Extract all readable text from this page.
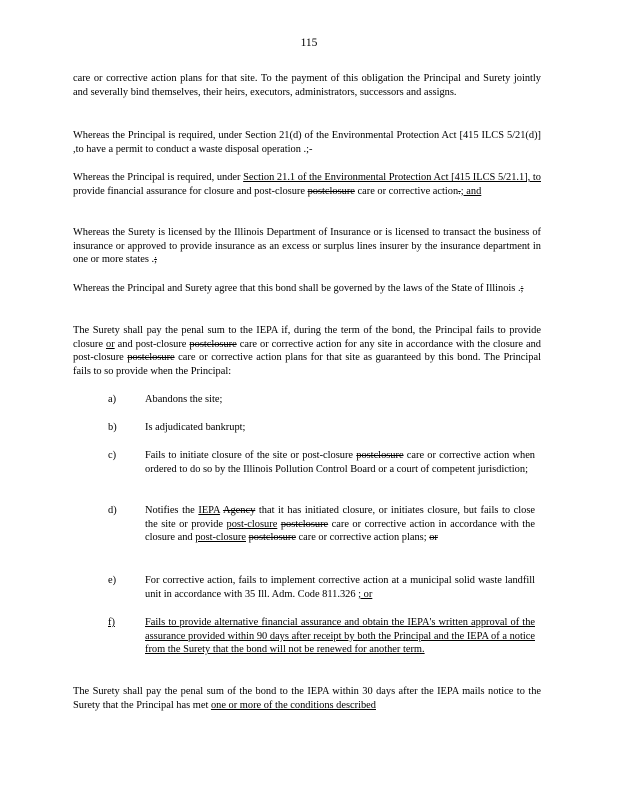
115
care or corrective action plans for that site. To the payment of this obligation the Principal and Surety jointly and severally bind themselves, their heirs, executors, administrators, successors and assigns.
Whereas the Principal is required, under Section 21(d) of the Environmental Protection Act [415 ILCS 5/21(d)] ,to have a permit to conduct a waste disposal operation .;-
Whereas the Principal is required, under Section 21.1 of the Environmental Protection Act [415 ILCS 5/21.1], to provide financial assurance for closure and post-closure postclosure care or corrective action.; and
Whereas the Surety is licensed by the Illinois Department of Insurance or is licensed to transact the business of insurance or approved to provide insurance as an excess or surplus lines insurer by the insurance department in one or more states .;
Whereas the Principal and Surety agree that this bond shall be governed by the laws of the State of Illinois .;
The Surety shall pay the penal sum to the IEPA if, during the term of the bond, the Principal fails to provide closure or and post-closure postclosure care or corrective action for any site in accordance with the closure and post-closure postclosure care or corrective action plans for that site as guaranteed by this bond. The Principal fails to so provide when the Principal:
a)	Abandons the site;
b)	Is adjudicated bankrupt;
c)	Fails to initiate closure of the site or post-closure postclosure care or corrective action when ordered to do so by the Illinois Pollution Control Board or a court of competent jurisdiction;
d)	Notifies the IEPA Agency that it has initiated closure, or initiates closure, but fails to close the site or provide post-closure postclosure care or corrective action in accordance with the closure and post-closure postclosure care or corrective action plans; or
e)	For corrective action, fails to implement corrective action at a municipal solid waste landfill unit in accordance with 35 Ill. Adm. Code 811.326 ; or
f)	Fails to provide alternative financial assurance and obtain the IEPA's written approval of the assurance provided within 90 days after receipt by both the Principal and the IEPA of a notice from the Surety that the bond will not be renewed for another term.
The Surety shall pay the penal sum of the bond to the IEPA within 30 days after the IEPA mails notice to the Surety that the Principal has met one or more of the conditions described
